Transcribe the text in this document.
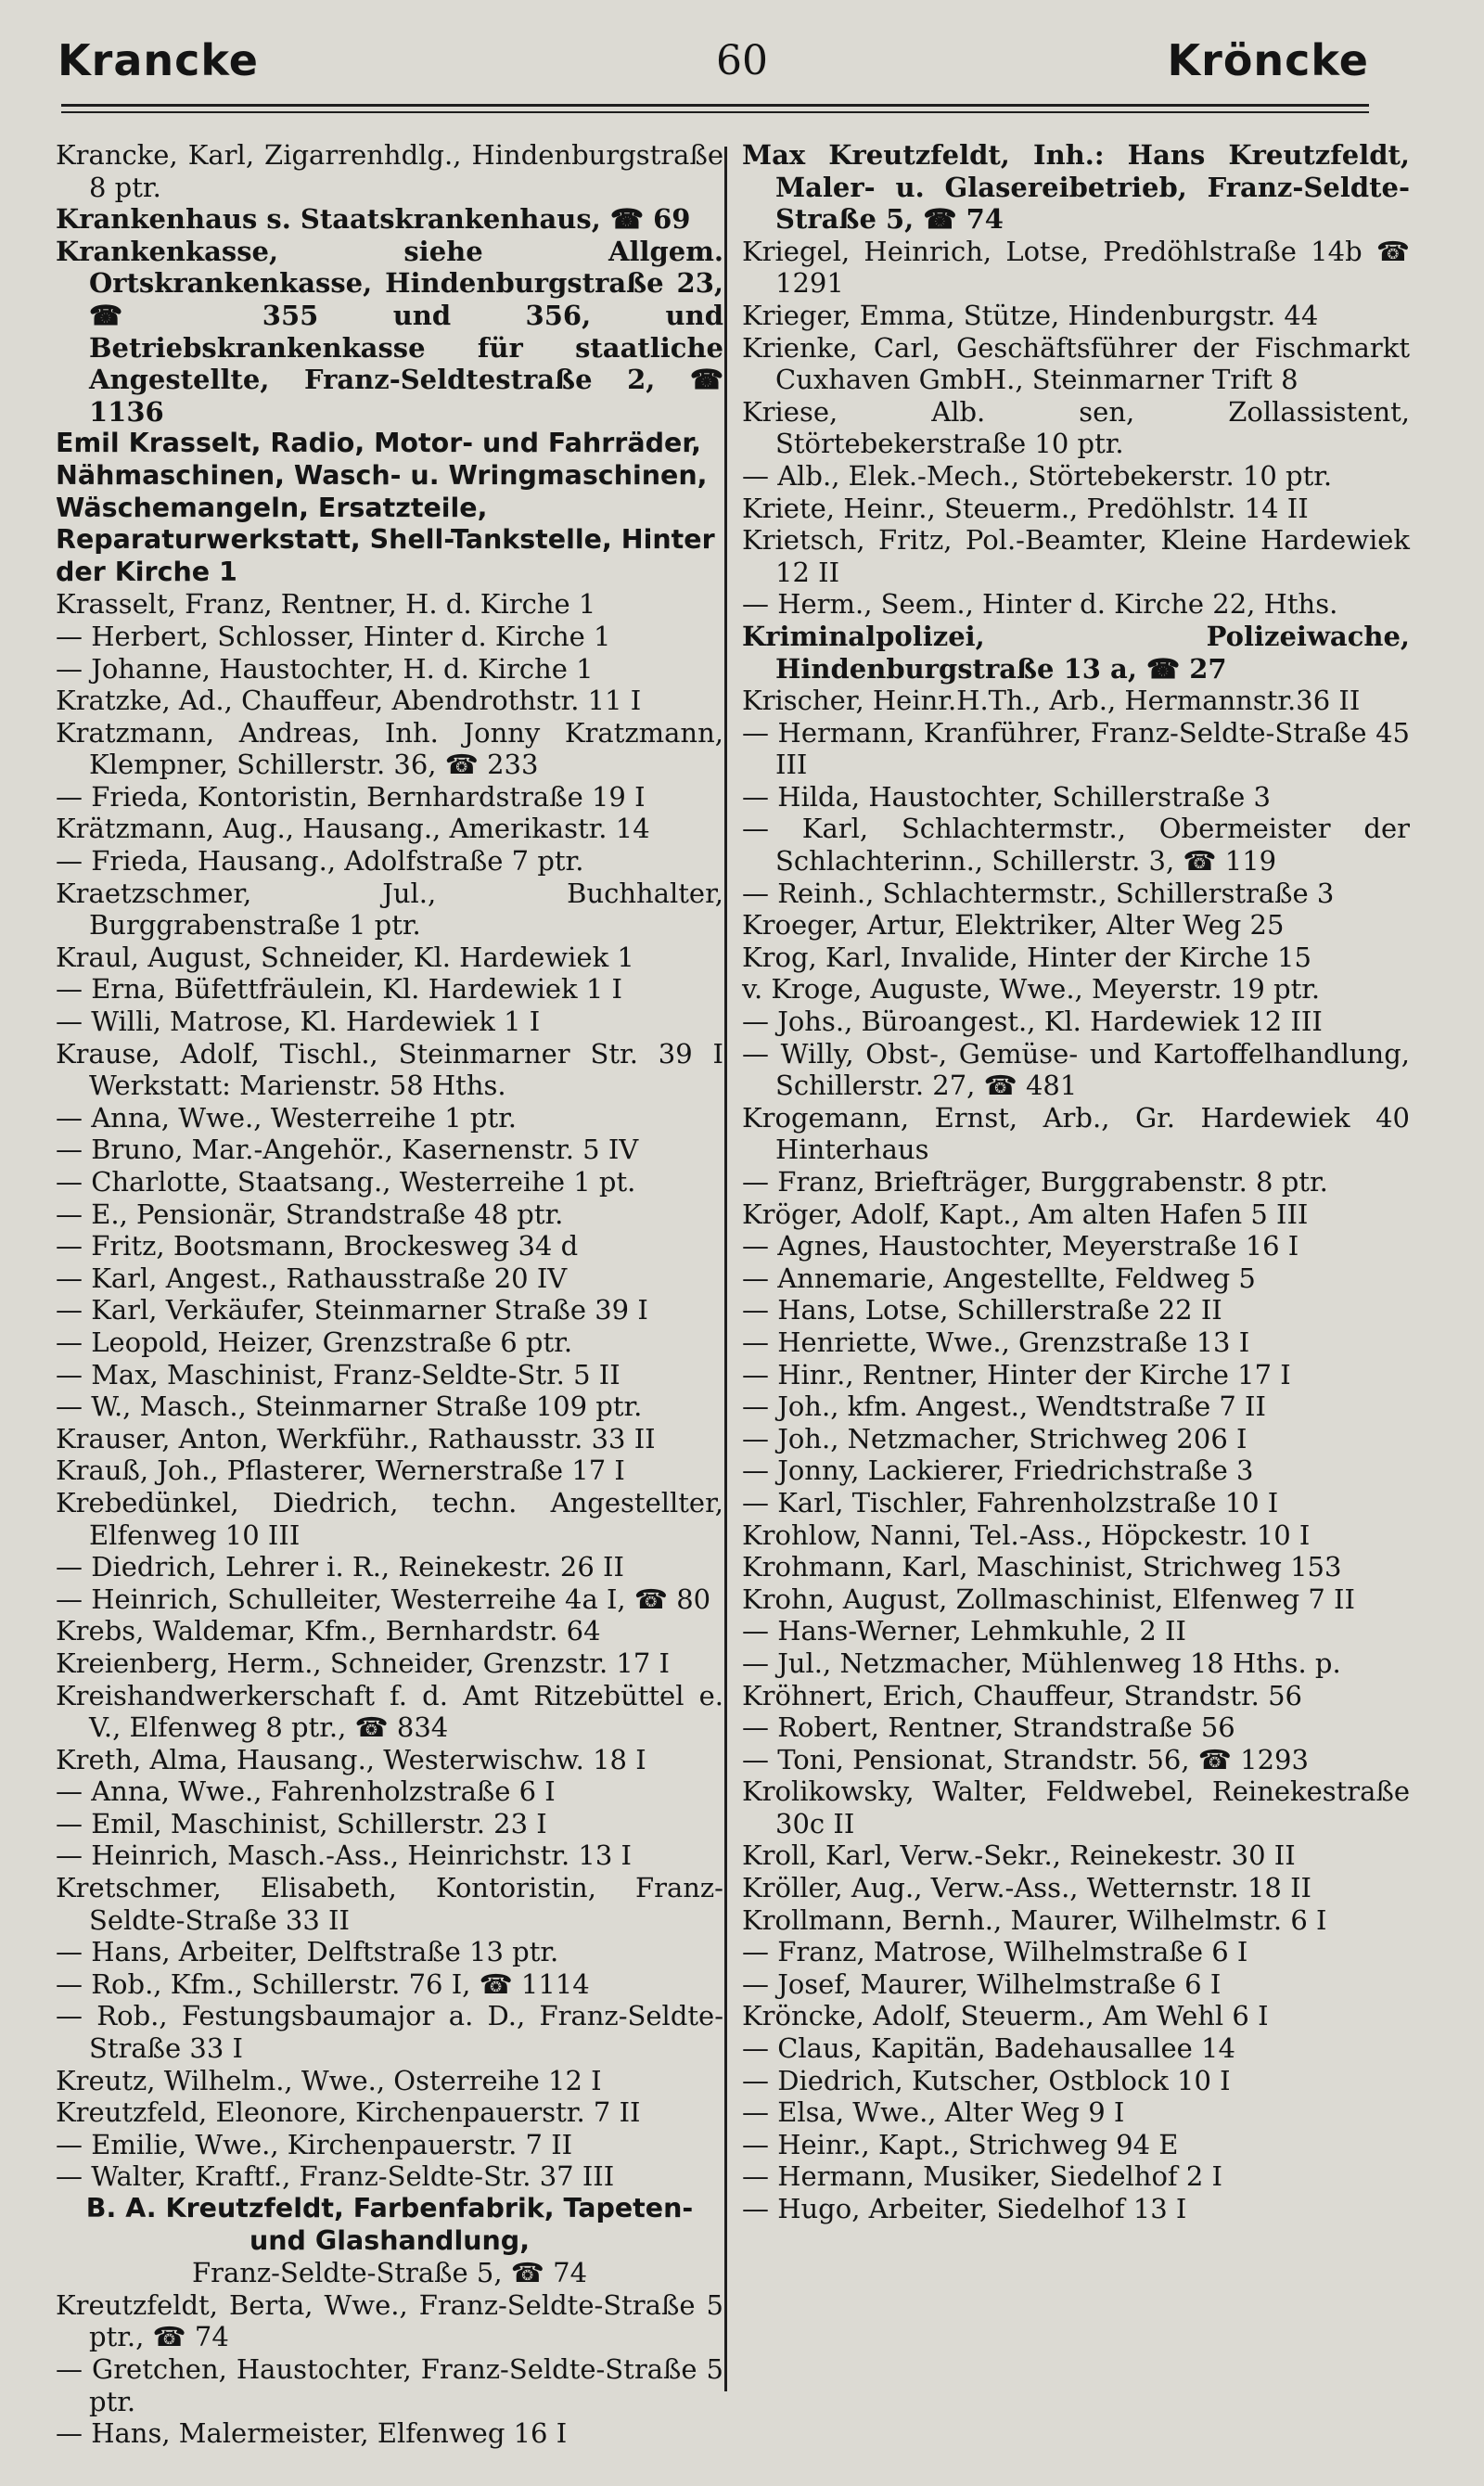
Krancke	60	Kröncke
Krancke, Karl, Zigarrenhdlg., Hindenburgstraße 8 ptr.
Krankenhaus s. Staatskrankenhaus, ☎ 69
Krankenkasse, siehe Allgem. Ortskrankenkasse, Hindenburgstraße 23, ☎ 355 und 356, und Betriebskrankenkasse für staatliche Angestellte, Franz-Seldtestraße 2, ☎ 1136
Emil Krasselt, Radio, Motor- und Fahrräder, Nähmaschinen, Wasch- u. Wringmaschinen, Wäschemangeln, Ersatzteile, Reparaturwerkstatt, Shell-Tankstelle, Hinter der Kirche 1
Krasselt, Franz, Rentner, H. d. Kirche 1
— Herbert, Schlosser, Hinter d. Kirche 1
— Johanne, Haustochter, H. d. Kirche 1
Kratzke, Ad., Chauffeur, Abendrothstr. 11 I
Kratzmann, Andreas, Inh. Jonny Kratzmann, Klempner, Schillerstr. 36, ☎ 233
— Frieda, Kontoristin, Bernhardstraße 19 I
Krätzmann, Aug., Hausang., Amerikastr. 14
— Frieda, Hausang., Adolfstraße 7 ptr.
Kraetzschmer, Jul., Buchhalter, Burggrabenstraße 1 ptr.
Kraul, August, Schneider, Kl. Hardewiek 1
— Erna, Büfettfräulein, Kl. Hardewiek 1 I
— Willi, Matrose, Kl. Hardewiek 1 I
Krause, Adolf, Tischl., Steinmarner Str. 39 I Werkstatt: Marienstr. 58 Hths.
— Anna, Wwe., Westerreihe 1 ptr.
— Bruno, Mar.-Angehör., Kasernenstr. 5 IV
— Charlotte, Staatsang., Westerreihe 1 pt.
— E., Pensionär, Strandstraße 48 ptr.
— Fritz, Bootsmann, Brockesweg 34 d
— Karl, Angest., Rathausstraße 20 IV
— Karl, Verkäufer, Steinmarner Straße 39 I
— Leopold, Heizer, Grenzstraße 6 ptr.
— Max, Maschinist, Franz-Seldte-Str. 5 II
— W., Masch., Steinmarner Straße 109 ptr.
Krauser, Anton, Werkführ., Rathausstr. 33 II
Krauß, Joh., Pflasterer, Wernerstraße 17 I
Krebedünkel, Diedrich, techn. Angestellter, Elfenweg 10 III
— Diedrich, Lehrer i. R., Reinekestr. 26 II
— Heinrich, Schulleiter, Westerreihe 4a I, ☎ 80
Krebs, Waldemar, Kfm., Bernhardstr. 64
Kreienberg, Herm., Schneider, Grenzstr. 17 I
Kreishandwerkerschaft f. d. Amt Ritzebüttel e. V., Elfenweg 8 ptr., ☎ 834
Kreth, Alma, Hausang., Westerwischw. 18 I
— Anna, Wwe., Fahrenholzstraße 6 I
— Emil, Maschinist, Schillerstr. 23 I
— Heinrich, Masch.-Ass., Heinrichstr. 13 I
Kretschmer, Elisabeth, Kontoristin, Franz-Seldte-Straße 33 II
— Hans, Arbeiter, Delftstraße 13 ptr.
— Rob., Kfm., Schillerstr. 76 I, ☎ 1114
— Rob., Festungsbaumajor a. D., Franz-Seldte-Straße 33 I
Kreutz, Wilhelm., Wwe., Osterreihe 12 I
Kreutzfeld, Eleonore, Kirchenpauerstr. 7 II
— Emilie, Wwe., Kirchenpauerstr. 7 II
— Walter, Kraftf., Franz-Seldte-Str. 37 III
B. A. Kreutzfeldt, Farbenfabrik, Tapeten- und Glashandlung,
Franz-Seldte-Straße 5, ☎ 74
Kreutzfeldt, Berta, Wwe., Franz-Seldte-Straße 5 ptr., ☎ 74
— Gretchen, Haustochter, Franz-Seldte-Straße 5 ptr.
— Hans, Malermeister, Elfenweg 16 I
Max Kreutzfeldt, Inh.: Hans Kreutzfeldt, Maler- u. Glasereibetrieb, Franz-Seldte-Straße 5, ☎ 74
Kriegel, Heinrich, Lotse, Predöhlstraße 14b ☎ 1291
Krieger, Emma, Stütze, Hindenburgstr. 44
Krienke, Carl, Geschäftsführer der Fischmarkt Cuxhaven GmbH., Steinmarner Trift 8
Kriese, Alb. sen, Zollassistent, Störtebekerstraße 10 ptr.
— Alb., Elek.-Mech., Störtebekerstr. 10 ptr.
Kriete, Heinr., Steuerm., Predöhlstr. 14 II
Krietsch, Fritz, Pol.-Beamter, Kleine Hardewiek 12 II
— Herm., Seem., Hinter d. Kirche 22, Hths.
Kriminalpolizei, Polizeiwache, Hindenburgstraße 13 a, ☎ 27
Krischer, Heinr.H.Th., Arb., Hermannstr.36 II
— Hermann, Kranführer, Franz-Seldte-Straße 45 III
— Hilda, Haustochter, Schillerstraße 3
— Karl, Schlachtermstr., Obermeister der Schlachterinn., Schillerstr. 3, ☎ 119
— Reinh., Schlachtermstr., Schillerstraße 3
Kroeger, Artur, Elektriker, Alter Weg 25
Krog, Karl, Invalide, Hinter der Kirche 15
v. Kroge, Auguste, Wwe., Meyerstr. 19 ptr.
— Johs., Büroangest., Kl. Hardewiek 12 III
— Willy, Obst-, Gemüse- und Kartoffelhandlung, Schillerstr. 27, ☎ 481
Krogemann, Ernst, Arb., Gr. Hardewiek 40 Hinterhaus
— Franz, Briefträger, Burggrabenstr. 8 ptr.
Kröger, Adolf, Kapt., Am alten Hafen 5 III
— Agnes, Haustochter, Meyerstraße 16 I
— Annemarie, Angestellte, Feldweg 5
— Hans, Lotse, Schillerstraße 22 II
— Henriette, Wwe., Grenzstraße 13 I
— Hinr., Rentner, Hinter der Kirche 17 I
— Joh., kfm. Angest., Wendtstraße 7 II
— Joh., Netzmacher, Strichweg 206 I
— Jonny, Lackierer, Friedrichstraße 3
— Karl, Tischler, Fahrenholzstraße 10 I
Krohlow, Nanni, Tel.-Ass., Höpckestr. 10 I
Krohmann, Karl, Maschinist, Strichweg 153
Krohn, August, Zollmaschinist, Elfenweg 7 II
— Hans-Werner, Lehmkuhle, 2 II
— Jul., Netzmacher, Mühlenweg 18 Hths. p.
Kröhnert, Erich, Chauffeur, Strandstr. 56
— Robert, Rentner, Strandstraße 56
— Toni, Pensionat, Strandstr. 56, ☎ 1293
Krolikowsky, Walter, Feldwebel, Reinekestraße 30c II
Kroll, Karl, Verw.-Sekr., Reinekestr. 30 II
Kröller, Aug., Verw.-Ass., Wetternstr. 18 II
Krollmann, Bernh., Maurer, Wilhelmstr. 6 I
— Franz, Matrose, Wilhelmstraße 6 I
— Josef, Maurer, Wilhelmstraße 6 I
Kröncke, Adolf, Steuerm., Am Wehl 6 I
— Claus, Kapitän, Badehausallee 14
— Diedrich, Kutscher, Ostblock 10 I
— Elsa, Wwe., Alter Weg 9 I
— Heinr., Kapt., Strichweg 94 E
— Hermann, Musiker, Siedelhof 2 I
— Hugo, Arbeiter, Siedelhof 13 I
